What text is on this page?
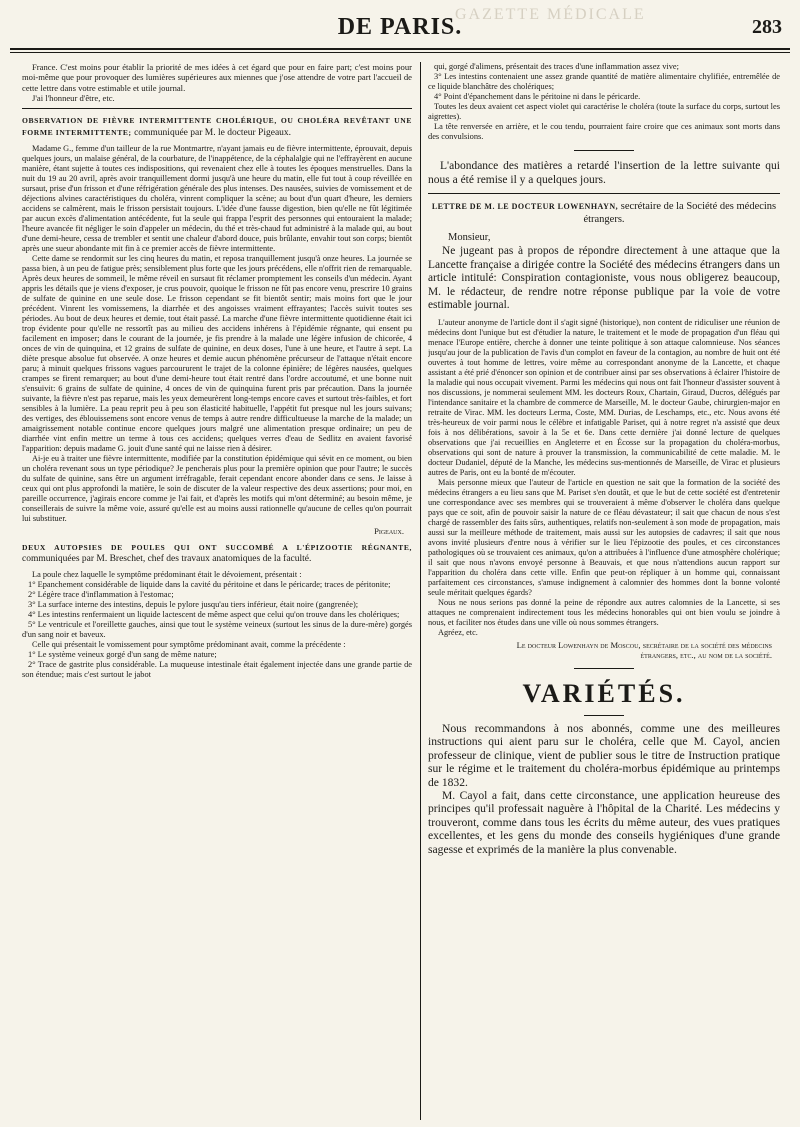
GAZETTE MÉDICALE
DE PARIS.	283

France. C'est moins pour établir la priorité de mes idées à cet égard que pour en faire part; c'est moins pour moi-même que pour provoquer des lumières supérieures aux miennes que j'ose attendre de votre part l'accueil de cette lettre dans votre estimable et utile journal.

J'ai l'honneur d'être, etc.

OBSERVATION DE FIÈVRE INTERMITTENTE CHOLÉRIQUE, OU CHOLÉRA REVÊTANT UNE FORME INTERMITTENTE; communiquée par M. le docteur Pigeaux.

Madame G., femme d'un tailleur de la rue Montmartre, n'ayant jamais eu de fièvre intermittente, éprouvait, depuis quelques jours, un malaise général, de la courbature, de l'inappétence, de la céphalalgie qui ne l'effrayèrent en aucune manière, étant sujette à toutes ces indispositions, qui revenaient chez elle à toutes les époques menstruelles. Dans la nuit du 19 au 20 avril, après avoir tranquillement dormi jusqu'à une heure du matin, elle fut tout à coup réveillée en sursaut, prise d'un frisson et d'une réfrigération générale des plus intenses. Des nausées, suivies de vomissement et de déjections alvines caractéristiques du choléra, vinrent compliquer la scène; au bout d'un quart d'heure, les derniers accidens se calmèrent, mais le frisson persistait toujours. L'idée d'une fausse digestion, bien qu'elle ne fût légitimée par aucun excès d'alimentation antécédente, fut la seule qui frappa l'esprit des personnes qui entouraient la malade; l'heure avancée fit négliger le soin d'appeler un médecin, du thé et très-chaud fut administré à la malade qui, au bout d'une demi-heure, cessa de trembler et sentit une chaleur d'abord douce, puis brûlante, envahir tout son corps; bientôt après une sueur abondante mit fin à ce premier accès de fièvre intermittente.

Cette dame se rendormit sur les cinq heures du matin, et reposa tranquillement jusqu'à onze heures. La journée se passa bien, à un peu de fatigue près; sensiblement plus forte que les jours précédens, elle n'offrit rien de remarquable. Après deux heures de sommeil, le même réveil en sursaut fit réclamer promptement les conseils d'un médecin. Ayant appris les détails que je viens d'exposer, je crus pouvoir, quoique le frisson ne fût pas encore venu, prescrire 10 grains de sulfate de quinine en une seule dose. Le frisson cependant se fit bientôt sentir; mais moins fort que le jour précédent. Vinrent les vomissemens, la diarrhée et des angoisses vraiment effrayantes; l'accès suivit toutes ses périodes. Au bout de deux heures et demie, tout était passé. La marche d'une fièvre intermittente quotidienne était ici trop évidente pour qu'elle ne ressortît pas au milieu des accidens inhérens à l'épidémie régnante, qui ensent pu facilement en imposer; dans le courant de la journée, je fis prendre à la malade une légère infusion de chicorée, 4 onces de vin de quinquina, et 12 grains de sulfate de quinine, en deux doses, l'une à une heure, et l'autre à sept. La diète presque absolue fut observée. A onze heures et demie aucun phénomène précurseur de l'attaque n'était encore paru; à minuit quelques frissons vagues parcoururent le trajet de la colonne épinière; de légères nausées, quelques crampes se firent remarquer; au bout d'une demi-heure tout était rentré dans l'ordre accoutumé, et une bonne nuit s'ensuivit: 6 grains de sulfate de quinine, 4 onces de vin de quinquina furent pris par précaution. Dans la journée suivante, la fièvre n'est pas reparue, mais les yeux demeurèrent long-temps encore caves et surtout très-faibles, et fort sensibles à la lumière. La peau reprit peu à peu son élasticité habituelle, l'appétit fut presque nul les jours suivans; des vertiges, des éblouissemens sont encore venus de temps à autre rendre difficultueuse la marche de la malade; un amaigrissement notable continue encore quelques jours malgré une alimentation presque ordinaire; un peu de diarrhée vint enfin mettre un terme à tous ces accidens; quelques verres d'eau de Sedlitz en avaient favorisé l'apparition: depuis madame G. jouit d'une santé qui ne laisse rien à désirer.

Ai-je eu à traiter une fièvre intermittente, modifiée par la constitution épidémique qui sévit en ce moment, ou bien un choléra revenant sous un type périodique? Je pencherais plus pour la première opinion que pour l'autre; le succès du sulfate de quinine, sans être un argument irréfragable, ferait cependant encore abonder dans ce sens. Je laisse à ceux qui ont plus approfondi la matière, le soin de discuter de la valeur respective des deux assertions; pour moi, en pareille occurrence, j'agirais encore comme je l'ai fait, et d'après les motifs qui m'ont déterminé; au besoin même, je conseillerais de suivre la même voie, assuré qu'elle est au moins aussi rationnelle qu'aucune de celles qu'on pourrait lui substituer.

Pigeaux.
DEUX AUTOPSIES DE POULES QUI ONT SUCCOMBÉ A L'ÉPIZOOTIE RÉGNANTE, communiquées par M. Breschet, chef des travaux anatomiques de la faculté.

La poule chez laquelle le symptôme prédominant était le dévoiement, présentait :

1° Epanchement considérable de liquide dans la cavité du péritoine et dans le péricarde; traces de péritonite;
2° Légère trace d'inflammation à l'estomac;
3° La surface interne des intestins, depuis le pylore jusqu'au tiers inférieur, était noire (gangrenée);
4° Les intestins renfermaient un liquide lactescent de même aspect que celui qu'on trouve dans les cholériques;
5° Le ventricule et l'oreillette gauches, ainsi que tout le système veineux (surtout les sinus de la dure-mère) gorgés d'un sang noir et baveux.

Celle qui présentait le vomissement pour symptôme prédominant avait, comme la précédente :

1° Le système veineux gorgé d'un sang de même nature;
2° Trace de gastrite plus considérable. La muqueuse intestinale était également injectée dans une grande partie de son étendue; mais c'est surtout le jabot
qui, gorgé d'alimens, présentait des traces d'une inflammation assez vive;
3° Les intestins contenaient une assez grande quantité de matière alimentaire chylifiée, entremêlée de ce liquide blanchâtre des cholériques;
4° Point d'épanchement dans le péritoine ni dans le péricarde.
Toutes les deux avaient cet aspect violet qui caractérise le choléra (toute la surface du corps, surtout les aigrettes).
La tête renversée en arrière, et le cou tendu, pourraient faire croire que ces animaux sont morts dans des convulsions.

L'abondance des matières a retardé l'insertion de la lettre suivante qui nous a été remise il y a quelques jours.

LETTRE DE M. LE DOCTEUR LOWENHAYN, secrétaire de la Société des médecins étrangers.
Monsieur,

Ne jugeant pas à propos de répondre directement à une attaque que la Lancette française a dirigée contre la Société des médecins étrangers dans un article intitulé: Conspiration contagioniste, vous nous obligerez beaucoup, M. le rédacteur, de rendre notre réponse publique par la voie de votre estimable journal.

L'auteur anonyme de l'article dont il s'agit signé (historique), non content de ridiculiser une réunion de médecins dont l'unique but est d'étudier la nature, le traitement et le mode de propagation d'un fléau qui menace l'Europe entière, cherche à donner une teinte politique à son attaque calomnieuse. Nos séances jusqu'au jour de la publication de l'avis d'un complot en faveur de la contagion, au nombre de huit ont été ouvertes à tout homme de lettres, voire même au correspondant anonyme de la Lancette, et chaque assistant a été prié d'énoncer son opinion et de contribuer ainsi par ses observations à éclairer l'histoire de la maladie qui nous occupait vivement. Parmi les médecins qui nous ont fait l'honneur d'assister souvent à nos discussions, je nommerai seulement MM. les docteurs Roux, Chartain, Giraud, Ducros, délégués par l'intendance sanitaire et la chambre de commerce de Marseille, M. le docteur Gaube, chirurgien-major en retraite de Virac. MM. les docteurs Lerma, Coste, MM. Durias, de Leschamps, etc., etc. Nous avons été très-heureux de voir parmi nous le célèbre et infatigable Pariset, qui à notre regret n'a assisté que deux fois à nos délibérations, savoir à la 5e et 6e. Dans cette dernière j'ai donné lecture de quelques observations que j'ai recueillies en Angleterre et en Écosse sur la propagation du choléra-morbus, observations qui sont de nature à prouver la transmission, la communicabilité de cette maladie. M. le docteur Dudaniel, député de la Manche, les médecins sus-mentionnés de Marseille, de Virac et plusieurs autres de Paris, ont eu la bonté de m'écouter.

Mais personne mieux que l'auteur de l'article en question ne sait que la formation de la société des médecins étrangers a eu lieu sans que M. Pariset s'en doutât, et que le but de cette société est d'entretenir une correspondance avec ses membres qui se trouveraient à même d'observer le choléra dans quelque pays que ce soit, afin de pouvoir saisir la nature de ce fléau dévastateur; il sait que chacun de nous s'est chargé de rassembler des faits sûrs, authentiques, relatifs non-seulement à son mode de propagation, mais aussi sur la meilleure méthode de traitement, mais aussi sur les autopsies de cadavres; il sait que nous avons invité plusieurs d'entre nous à vérifier sur le lieu l'épizootie des poules, et ces circonstances pathologiques où se trouvaient ces animaux, qu'on a attribuées à l'influence d'une atmosphère cholérique; il sait que nous n'avons envoyé personne à Beauvais, et que nous n'attendions aucun rapport sur l'apparition du choléra dans cette ville. Enfin que peut-on répliquer à un homme qui, connaissant parfaitement ces circonstances, s'amuse indignement à calomnier des hommes dont la bonne volonté seule méritait quelques égards?

Nous ne nous serions pas donné la peine de répondre aux autres calomnies de la Lancette, si ses attaques ne comprenaient indirectement tous les médecins honorables qui ont bien voulu se joindre à nous, et faciliter nos études dans une ville où nous sommes étrangers.

Agréez, etc.

Le docteur Lowenhayn de Moscou, secrétaire de la société des médecins étrangers, etc., au nom de la société.
VARIÉTÉS.

Nous recommandons à nos abonnés, comme une des meilleures instructions qui aient paru sur le choléra, celle que M. Cayol, ancien professeur de clinique, vient de publier sous le titre de Instruction pratique sur le régime et le traitement du choléra-morbus épidémique au printemps de 1832.

M. Cayol a fait, dans cette circonstance, une application heureuse des principes qu'il professait naguère à l'hôpital de la Charité. Les médecins y trouveront, comme dans tous les écrits du même auteur, des vues pratiques excellentes, et les gens du monde des conseils hygiéniques d'une grande sagesse et exprimés de la manière la plus convenable.
